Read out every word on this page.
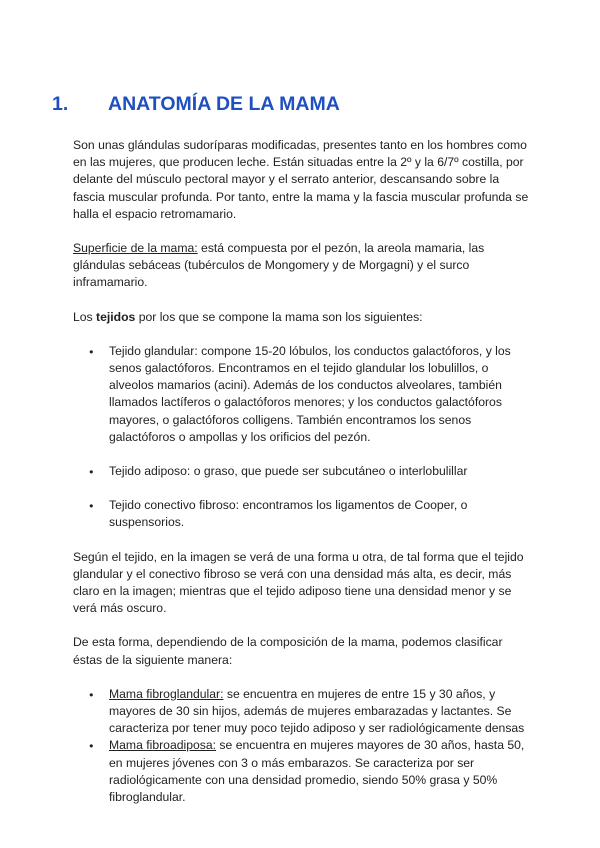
1. ANATOMÍA DE LA MAMA

Son unas glándulas sudoríparas modificadas, presentes tanto en los hombres como en las mujeres, que producen leche. Están situadas entre la 2º y la 6/7º costilla, por delante del músculo pectoral mayor y el serrato anterior, descansando sobre la fascia muscular profunda. Por tanto, entre la mama y la fascia muscular profunda se halla el espacio retromamario.

Superficie de la mama: está compuesta por el pezón, la areola mamaria, las glándulas sebáceas (tubérculos de Mongomery y de Morgagni) y el surco inframamario.

Los tejidos por los que se compone la mama son los siguientes:

● Tejido glandular: compone 15-20 lóbulos, los conductos galactóforos, y los senos galactóforos. Encontramos en el tejido glandular los lobulillos, o alveolos mamarios (acini). Además de los conductos alveolares, también llamados lactíferos o galactóforos menores; y los conductos galactóforos mayores, o galactóforos colligens. También encontramos los senos galactóforos o ampollas y los orificios del pezón.
● Tejido adiposo: o graso, que puede ser subcutáneo o interlobulillar
● Tejido conectivo fibroso: encontramos los ligamentos de Cooper, o suspensorios.

Según el tejido, en la imagen se verá de una forma u otra, de tal forma que el tejido glandular y el conectivo fibroso se verá con una densidad más alta, es decir, más claro en la imagen; mientras que el tejido adiposo tiene una densidad menor y se verá más oscuro.

De esta forma, dependiendo de la composición de la mama, podemos clasificar éstas de la siguiente manera:

● Mama fibroglandular: se encuentra en mujeres de entre 15 y 30 años, y mayores de 30 sin hijos, además de mujeres embarazadas y lactantes. Se caracteriza por tener muy poco tejido adiposo y ser radiológicamente densas
● Mama fibroadiposa: se encuentra en mujeres mayores de 30 años, hasta 50, en mujeres jóvenes con 3 o más embarazos. Se caracteriza por ser radiológicamente con una densidad promedio, siendo 50% grasa y 50% fibroglandular.
